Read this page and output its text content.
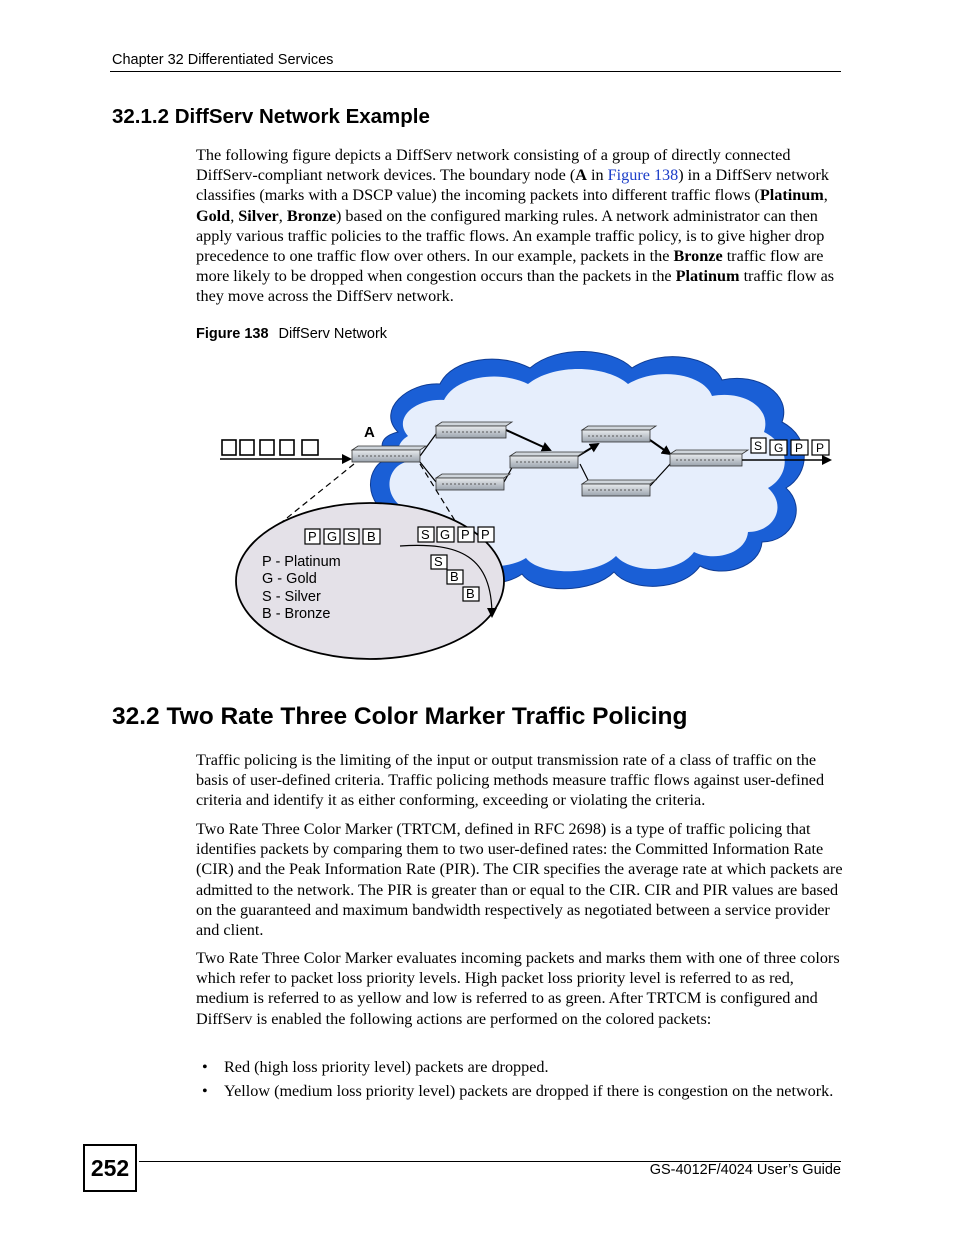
Chapter 32 Differentiated Services
32.1.2 DiffServ Network Example

The following figure depicts a DiffServ network consisting of a group of directly connected DiffServ-compliant network devices. The boundary node (A in Figure 138) in a DiffServ network classifies (marks with a DSCP value) the incoming packets into different traffic flows (Platinum, Gold, Silver, Bronze) based on the configured marking rules. A network administrator can then apply various traffic policies to the traffic flows. An example traffic policy, is to give higher drop precedence to one traffic flow over others. In our example, packets in the Bronze traffic flow are more likely to be dropped when congestion occurs than the packets in the Platinum traffic flow as they move across the DiffServ network.

Figure 138 DiffServ Network
A
S G P P
P G S B	S G P P
S
B
B
P - Platinum
G - Gold
S - Silver
B - Bronze
32.2 Two Rate Three Color Marker Traffic Policing

Traffic policing is the limiting of the input or output transmission rate of a class of traffic on the basis of user-defined criteria. Traffic policing methods measure traffic flows against user-defined criteria and identify it as either conforming, exceeding or violating the criteria.

Two Rate Three Color Marker (TRTCM, defined in RFC 2698) is a type of traffic policing that identifies packets by comparing them to two user-defined rates: the Committed Information Rate (CIR) and the Peak Information Rate (PIR). The CIR specifies the average rate at which packets are admitted to the network. The PIR is greater than or equal to the CIR. CIR and PIR values are based on the guaranteed and maximum bandwidth respectively as negotiated between a service provider and client.

Two Rate Three Color Marker evaluates incoming packets and marks them with one of three colors which refer to packet loss priority levels. High packet loss priority level is referred to as red, medium is referred to as yellow and low is referred to as green. After TRTCM is configured and DiffServ is enabled the following actions are performed on the colored packets:

• Red (high loss priority level) packets are dropped.
• Yellow (medium loss priority level) packets are dropped if there is congestion on the network.
252	GS-4012F/4024 User’s Guide
